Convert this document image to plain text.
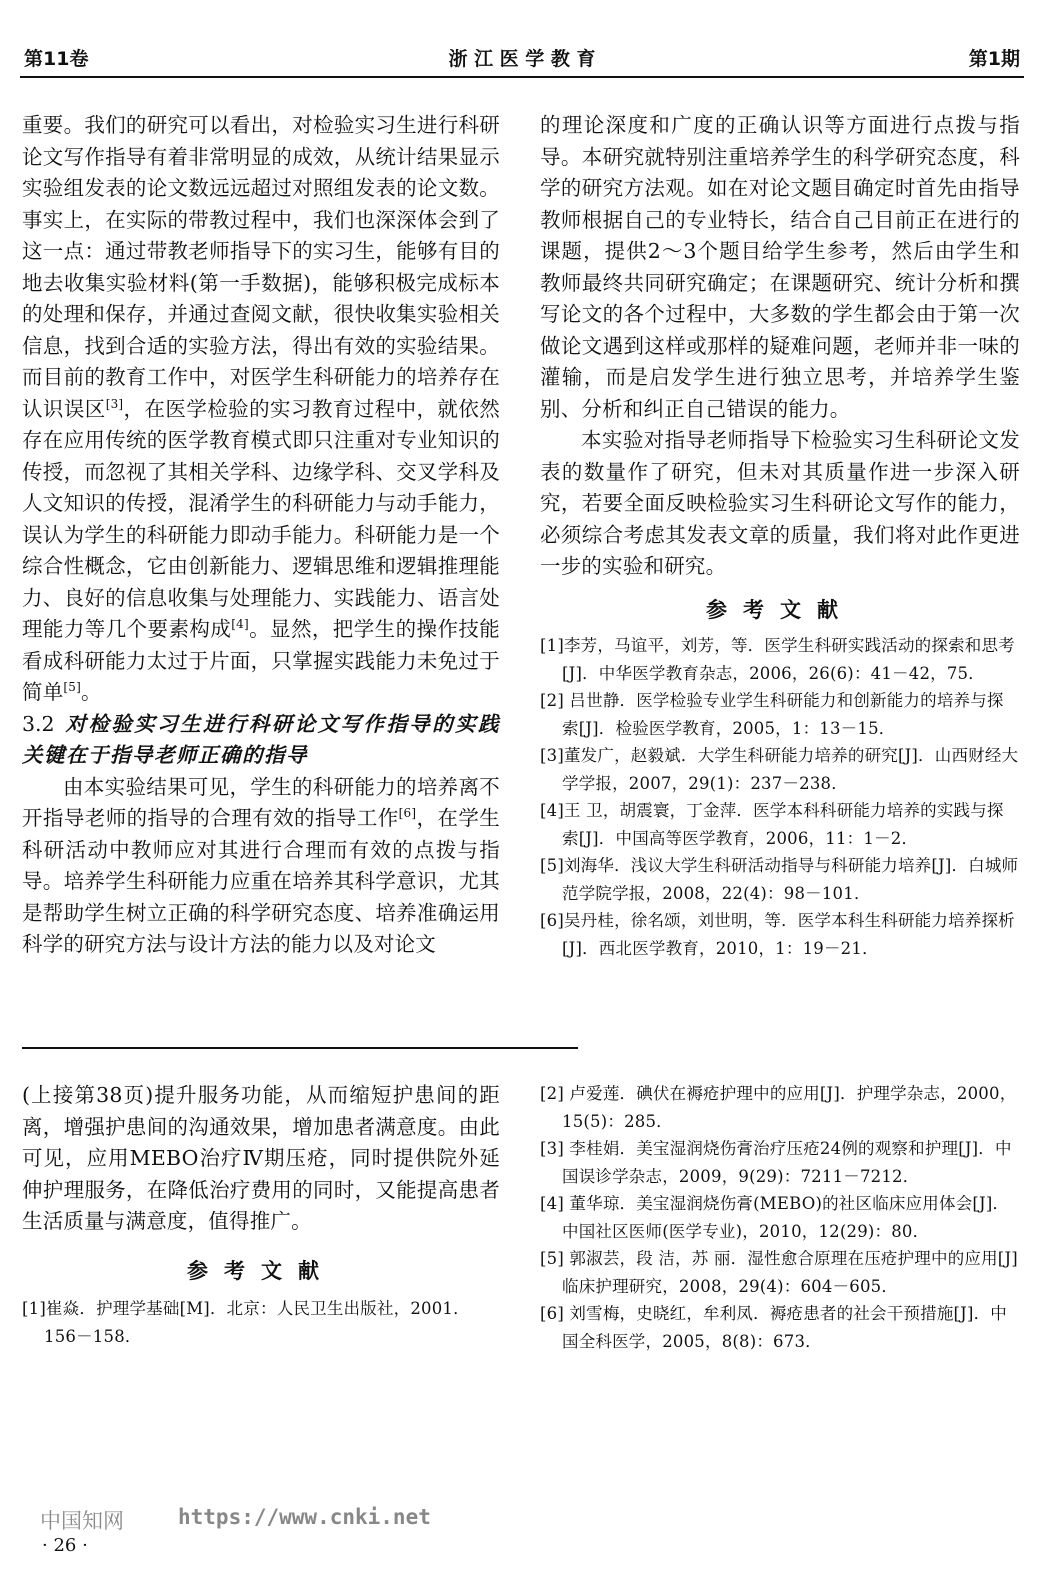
第11卷	浙 江 医 学 教 育	第1期

重要。我们的研究可以看出，对检验实习生进行科研论文写作指导有着非常明显的成效，从统计结果显示实验组发表的论文数远远超过对照组发表的论文数。事实上，在实际的带教过程中，我们也深深体会到了这一点：通过带教老师指导下的实习生，能够有目的地去收集实验材料(第一手数据)，能够积极完成标本的处理和保存，并通过查阅文献，很快收集实验相关信息，找到合适的实验方法，得出有效的实验结果。而目前的教育工作中，对医学生科研能力的培养存在认识误区[3]，在医学检验的实习教育过程中，就依然存在应用传统的医学教育模式即只注重对专业知识的传授，而忽视了其相关学科、边缘学科、交叉学科及人文知识的传授，混淆学生的科研能力与动手能力，误认为学生的科研能力即动手能力。科研能力是一个综合性概念，它由创新能力、逻辑思维和逻辑推理能力、良好的信息收集与处理能力、实践能力、语言处理能力等几个要素构成[4]。显然，把学生的操作技能看成科研能力太过于片面，只掌握实践能力未免过于简单[5]。

3.2 对检验实习生进行科研论文写作指导的实践关键在于指导老师正确的指导

由本实验结果可见，学生的科研能力的培养离不开指导老师的指导的合理有效的指导工作[6]，在学生科研活动中教师应对其进行合理而有效的点拨与指导。培养学生科研能力应重在培养其科学意识，尤其是帮助学生树立正确的科学研究态度、培养准确运用科学的研究方法与设计方法的能力以及对论文

的理论深度和广度的正确认识等方面进行点拨与指导。本研究就特别注重培养学生的科学研究态度，科学的研究方法观。如在对论文题目确定时首先由指导教师根据自己的专业特长，结合自己目前正在进行的课题，提供2～3个题目给学生参考，然后由学生和教师最终共同研究确定；在课题研究、统计分析和撰写论文的各个过程中，大多数的学生都会由于第一次做论文遇到这样或那样的疑难问题，老师并非一味的灌输，而是启发学生进行独立思考，并培养学生鉴别、分析和纠正自己错误的能力。

本实验对指导老师指导下检验实习生科研论文发表的数量作了研究，但未对其质量作进一步深入研究，若要全面反映检验实习生科研论文写作的能力，必须综合考虑其发表文章的质量，我们将对此作更进一步的实验和研究。

参考文献

[1]李芳，马谊平，刘芳，等．医学生科研实践活动的探索和思考[J]．中华医学教育杂志，2006，26(6)：41－42，75．

[2] 吕世静．医学检验专业学生科研能力和创新能力的培养与探索[J]．检验医学教育，2005，1：13－15．

[3]董发广，赵毅斌．大学生科研能力培养的研究[J]．山西财经大学学报，2007，29(1)：237－238．

[4]王 卫，胡震寰，丁金萍．医学本科科研能力培养的实践与探索[J]．中国高等医学教育，2006，11：1－2．

[5]刘海华．浅议大学生科研活动指导与科研能力培养[J]．白城师范学院学报，2008，22(4)：98－101．

[6]吴丹桂，徐名颂，刘世明，等．医学本科生科研能力培养探析[J]．西北医学教育，2010，1：19－21．

(上接第38页)提升服务功能，从而缩短护患间的距离，增强护患间的沟通效果，增加患者满意度。由此可见，应用MEBO治疗Ⅳ期压疮，同时提供院外延伸护理服务，在降低治疗费用的同时，又能提高患者生活质量与满意度，值得推广。

参考文献

[1]崔焱．护理学基础[M]．北京：人民卫生出版社，2001．156－158．

[2] 卢爱莲．碘伏在褥疮护理中的应用[J]．护理学杂志，2000，15(5)：285．

[3] 李桂娟．美宝湿润烧伤膏治疗压疮24例的观察和护理[J]．中国误诊学杂志，2009，9(29)：7211－7212．

[4] 董华琼．美宝湿润烧伤膏(MEBO)的社区临床应用体会[J]．中国社区医师(医学专业)，2010，12(29)：80．

[5] 郭淑芸，段 洁，苏 丽．湿性愈合原理在压疮护理中的应用[J] 临床护理研究，2008，29(4)：604－605．

[6] 刘雪梅，史晓红，牟利凤．褥疮患者的社会干预措施[J]．中国全科医学，2005，8(8)：673．

中国知网	https://www.cnki.net
· 26 ·
